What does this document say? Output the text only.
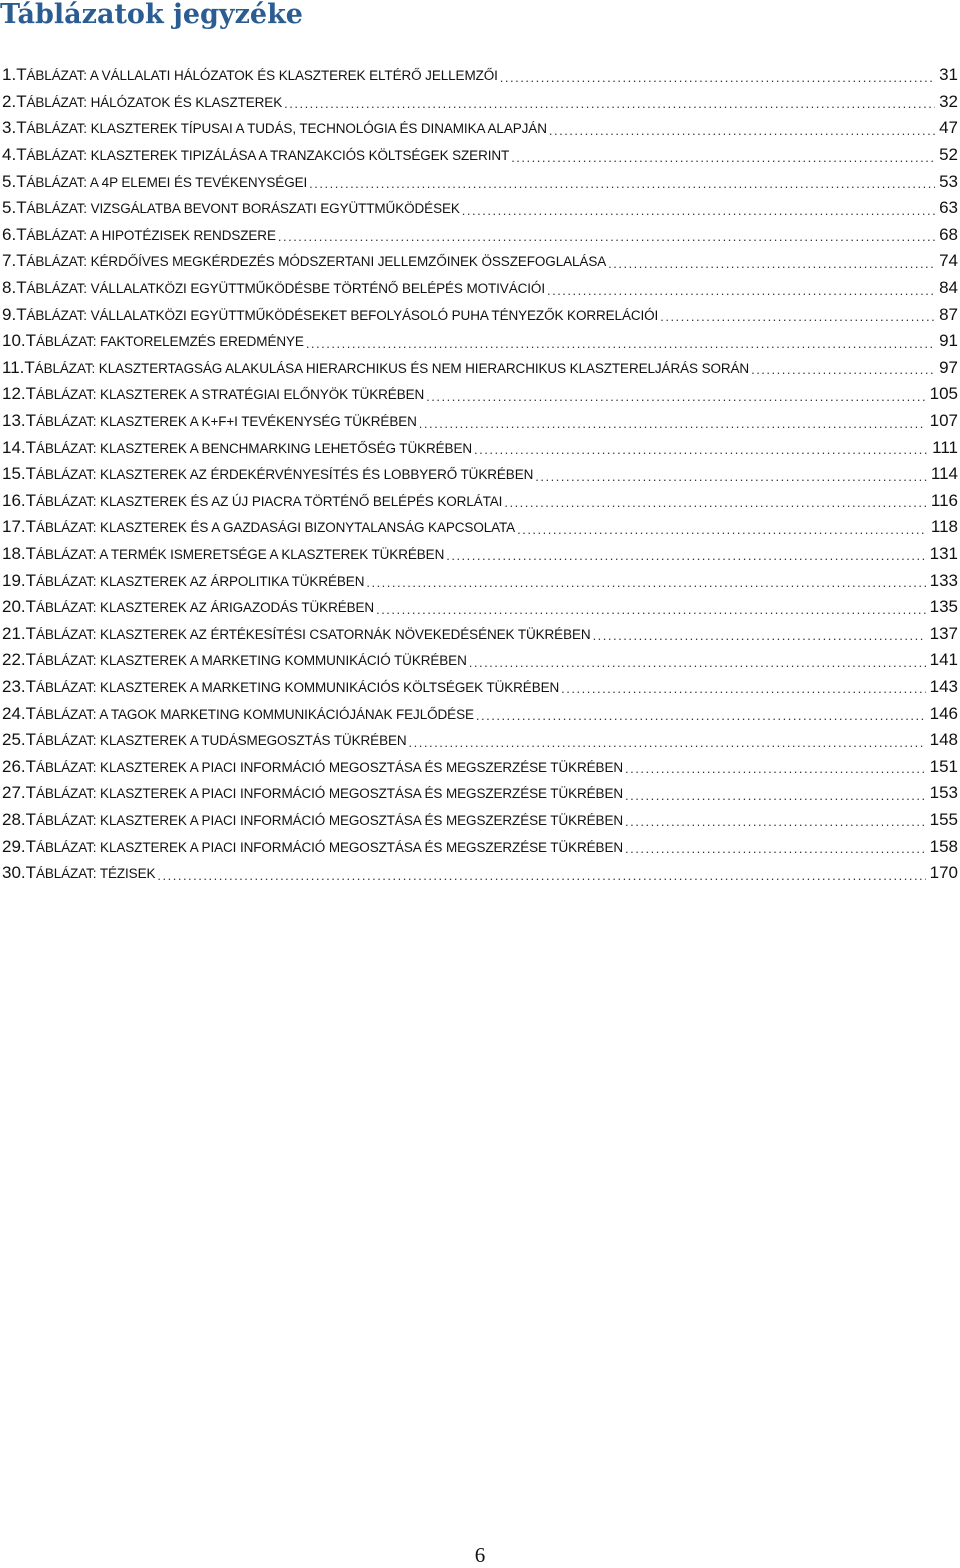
Táblázatok jegyzéke
1. TÁBLÁZAT: A VÁLLALATI HÁLÓZATOK ÉS KLASZTEREK ELTÉRŐ JELLEMZŐI .....	31
2. TÁBLÁZAT: HÁLÓZATOK ÉS KLASZTEREK .....	32
3. TÁBLÁZAT: KLASZTEREK TÍPUSAI A TUDÁS, TECHNOLÓGIA ÉS DINAMIKA ALAPJÁN .....	47
4. TÁBLÁZAT: KLASZTEREK TIPIZÁLÁSA A TRANZAKCIÓS KÖLTSÉGEK SZERINT .....	52
5. TÁBLÁZAT: A 4P ELEMEI ÉS TEVÉKENYSÉGEI .....	53
5. TÁBLÁZAT: VIZSGÁLATBA BEVONT BORÁSZATI EGYÜTTMŰKÖDÉSEK .....	63
6. TÁBLÁZAT: A HIPOTÉZISEK RENDSZERE .....	68
7. TÁBLÁZAT: KÉRDŐÍVES MEGKÉRDEZÉS MÓDSZERTANI JELLEMZŐINEK ÖSSZEFOGLALÁSA .....	74
8. TÁBLÁZAT: VÁLLALATKÖZI EGYÜTTMŰKÖDÉSBE TÖRTÉNŐ BELÉPÉS MOTIVÁCIÓI .....	84
9. TÁBLÁZAT: VÁLLALATKÖZI EGYÜTTMŰKÖDÉSEKET BEFOLYÁSOLÓ PUHA TÉNYEZŐK KORRELÁCIÓI .....	87
10. TÁBLÁZAT: FAKTORELEMZÉS EREDMÉNYE .....	91
11. TÁBLÁZAT: KLASZTERTAGSÁG ALAKULÁSA HIERARCHIKUS ÉS NEM HIERARCHIKUS KLASZTERELJÁRÁS SORÁN .....	97
12. TÁBLÁZAT: KLASZTEREK A STRATÉGIAI ELŐNYÖK TÜKRÉBEN .....	105
13. TÁBLÁZAT: KLASZTEREK A K+F+I TEVÉKENYSÉG TÜKRÉBEN .....	107
14. TÁBLÁZAT: KLASZTEREK A BENCHMARKING LEHETŐSÉG TÜKRÉBEN .....	111
15. TÁBLÁZAT: KLASZTEREK AZ ÉRDEKÉRVÉNYESÍTÉS ÉS LOBBYERŐ TÜKRÉBEN .....	114
16. TÁBLÁZAT: KLASZTEREK ÉS AZ ÚJ PIACRA TÖRTÉNŐ BELÉPÉS KORLÁTAI .....	116
17. TÁBLÁZAT: KLASZTEREK ÉS A GAZDASÁGI BIZONYTALANSÁG KAPCSOLATA .....	118
18. TÁBLÁZAT: A TERMÉK ISMERETSÉGE A KLASZTEREK TÜKRÉBEN .....	131
19. TÁBLÁZAT: KLASZTEREK AZ ÁRPOLITIKA TÜKRÉBEN .....	133
20. TÁBLÁZAT: KLASZTEREK AZ ÁRIGAZODÁS TÜKRÉBEN .....	135
21. TÁBLÁZAT: KLASZTEREK AZ ÉRTÉKESÍTÉSI CSATORNÁK NÖVEKEDÉSÉNEK TÜKRÉBEN .....	137
22. TÁBLÁZAT: KLASZTEREK A MARKETING KOMMUNIKÁCIÓ TÜKRÉBEN .....	141
23. TÁBLÁZAT: KLASZTEREK A MARKETING KOMMUNIKÁCIÓS KÖLTSÉGEK TÜKRÉBEN .....	143
24. TÁBLÁZAT: A TAGOK MARKETING KOMMUNIKÁCIÓJÁNAK FEJLŐDÉSE .....	146
25. TÁBLÁZAT: KLASZTEREK A TUDÁSMEGOSZTÁS TÜKRÉBEN .....	148
26. TÁBLÁZAT: KLASZTEREK A PIACI INFORMÁCIÓ MEGOSZTÁSA ÉS MEGSZERZÉSE TÜKRÉBEN .....	151
27. TÁBLÁZAT: KLASZTEREK A PIACI INFORMÁCIÓ MEGOSZTÁSA ÉS MEGSZERZÉSE TÜKRÉBEN .....	153
28. TÁBLÁZAT: KLASZTEREK A PIACI INFORMÁCIÓ MEGOSZTÁSA ÉS MEGSZERZÉSE TÜKRÉBEN .....	155
29. TÁBLÁZAT: KLASZTEREK A PIACI INFORMÁCIÓ MEGOSZTÁSA ÉS MEGSZERZÉSE TÜKRÉBEN .....	158
30. TÁBLÁZAT: TÉZISEK .....	170
6
